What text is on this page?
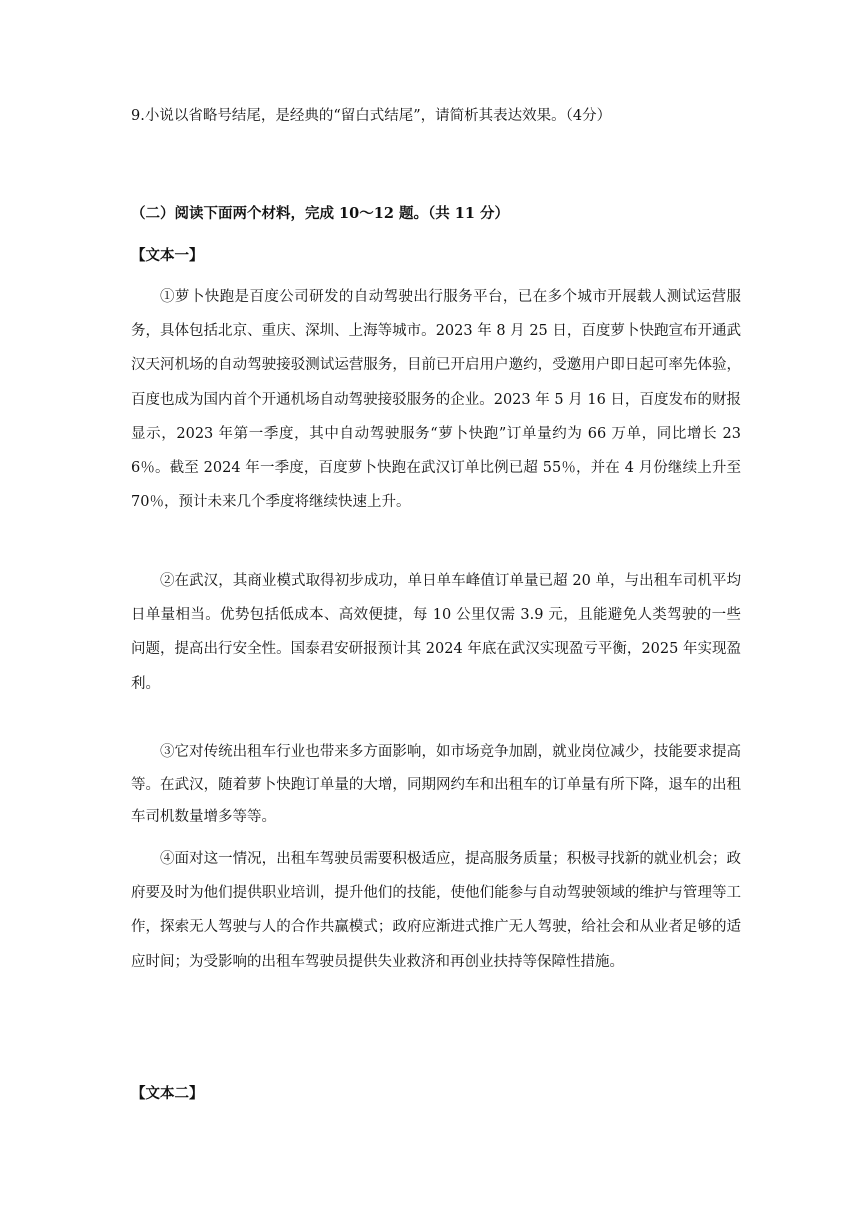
9.小说以省略号结尾，是经典的“留白式结尾”，请简析其表达效果。（4分）
（二）阅读下面两个材料，完成 10～12 题。（共 11 分）
【文本一】
①萝卜快跑是百度公司研发的自动驾驶出行服务平台，已在多个城市开展载人测试运营服务，具体包括北京、重庆、深圳、上海等城市。2023 年 8 月 25 日，百度萝卜快跑宣布开通武汉天河机场的自动驾驶接驳测试运营服务，目前已开启用户邀约，受邀用户即日起可率先体验，百度也成为国内首个开通机场自动驾驶接驳服务的企业。2023 年 5 月 16 日，百度发布的财报显示，2023 年第一季度，其中自动驾驶服务“萝卜快跑”订单量约为 66 万单，同比增长 236％。截至 2024 年一季度，百度萝卜快跑在武汉订单比例已超 55％，并在 4 月份继续上升至 70％，预计未来几个季度将继续快速上升。
②在武汉，其商业模式取得初步成功，单日单车峰值订单量已超 20 单，与出租车司机平均日单量相当。优势包括低成本、高效便捷，每 10 公里仅需 3.9 元，且能避免人类驾驶的一些问题，提高出行安全性。国泰君安研报预计其 2024 年底在武汉实现盈亏平衡，2025 年实现盈利。
③它对传统出租车行业也带来多方面影响，如市场竞争加剧，就业岗位减少，技能要求提高等。在武汉，随着萝卜快跑订单量的大增，同期网约车和出租车的订单量有所下降，退车的出租车司机数量增多等等。
④面对这一情况，出租车驾驶员需要积极适应，提高服务质量；积极寻找新的就业机会；政府要及时为他们提供职业培训，提升他们的技能，使他们能参与自动驾驶领域的维护与管理等工作，探索无人驾驶与人的合作共赢模式；政府应渐进式推广无人驾驶，给社会和从业者足够的适应时间；为受影响的出租车驾驶员提供失业救济和再创业扶持等保障性措施。
【文本二】
